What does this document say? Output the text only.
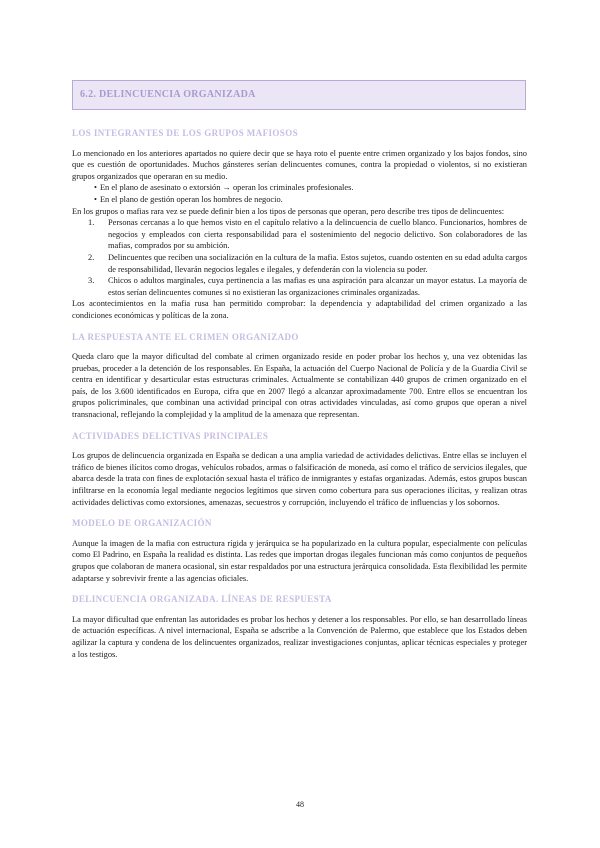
6.2. DELINCUENCIA ORGANIZADA
LOS INTEGRANTES DE LOS GRUPOS MAFIOSOS

Lo mencionado en los anteriores apartados no quiere decir que se haya roto el puente entre crimen organizado y los bajos fondos, sino que es cuestión de oportunidades. Muchos gánsteres serían delincuentes comunes, contra la propiedad o violentos, si no existieran grupos organizados que operaran en su medio.

• En el plano de asesinato o extorsión → operan los criminales profesionales.
• En el plano de gestión operan los hombres de negocio.

En los grupos o mafias rara vez se puede definir bien a los tipos de personas que operan, pero describe tres tipos de delincuentes:

1. Personas cercanas a lo que hemos visto en el capítulo relativo a la delincuencia de cuello blanco. Funcionarios, hombres de negocios y empleados con cierta responsabilidad para el sostenimiento del negocio delictivo. Son colaboradores de las mafias, comprados por su ambición.
2. Delincuentes que reciben una socialización en la cultura de la mafia. Estos sujetos, cuando ostenten en su edad adulta cargos de responsabilidad, llevarán negocios legales e ilegales, y defenderán con la violencia su poder.
3. Chicos o adultos marginales, cuya pertinencia a las mafias es una aspiración para alcanzar un mayor estatus. La mayoría de estos serían delincuentes comunes si no existieran las organizaciones criminales organizadas.

Los acontecimientos en la mafia rusa han permitido comprobar: la dependencia y adaptabilidad del crimen organizado a las condiciones económicas y políticas de la zona.

LA RESPUESTA ANTE EL CRIMEN ORGANIZADO

Queda claro que la mayor dificultad del combate al crimen organizado reside en poder probar los hechos y, una vez obtenidas las pruebas, proceder a la detención de los responsables. En España, la actuación del Cuerpo Nacional de Policía y de la Guardia Civil se centra en identificar y desarticular estas estructuras criminales. Actualmente se contabilizan 440 grupos de crimen organizado en el país, de los 3.600 identificados en Europa, cifra que en 2007 llegó a alcanzar aproximadamente 700. Entre ellos se encuentran los grupos policriminales, que combinan una actividad principal con otras actividades vinculadas, así como grupos que operan a nivel transnacional, reflejando la complejidad y la amplitud de la amenaza que representan.

ACTIVIDADES DELICTIVAS PRINCIPALES

Los grupos de delincuencia organizada en España se dedican a una amplia variedad de actividades delictivas. Entre ellas se incluyen el tráfico de bienes ilícitos como drogas, vehículos robados, armas o falsificación de moneda, así como el tráfico de servicios ilegales, que abarca desde la trata con fines de explotación sexual hasta el tráfico de inmigrantes y estafas organizadas. Además, estos grupos buscan infiltrarse en la economía legal mediante negocios legítimos que sirven como cobertura para sus operaciones ilícitas, y realizan otras actividades delictivas como extorsiones, amenazas, secuestros y corrupción, incluyendo el tráfico de influencias y los sobornos.

MODELO DE ORGANIZACIÓN

Aunque la imagen de la mafia con estructura rígida y jerárquica se ha popularizado en la cultura popular, especialmente con películas como El Padrino, en España la realidad es distinta. Las redes que importan drogas ilegales funcionan más como conjuntos de pequeños grupos que colaboran de manera ocasional, sin estar respaldados por una estructura jerárquica consolidada. Esta flexibilidad les permite adaptarse y sobrevivir frente a las agencias oficiales.

DELINCUENCIA ORGANIZADA. LÍNEAS DE RESPUESTA

La mayor dificultad que enfrentan las autoridades es probar los hechos y detener a los responsables. Por ello, se han desarrollado líneas de actuación específicas. A nivel internacional, España se adscribe a la Convención de Palermo, que establece que los Estados deben agilizar la captura y condena de los delincuentes organizados, realizar investigaciones conjuntas, aplicar técnicas especiales y proteger a los testigos.

48
